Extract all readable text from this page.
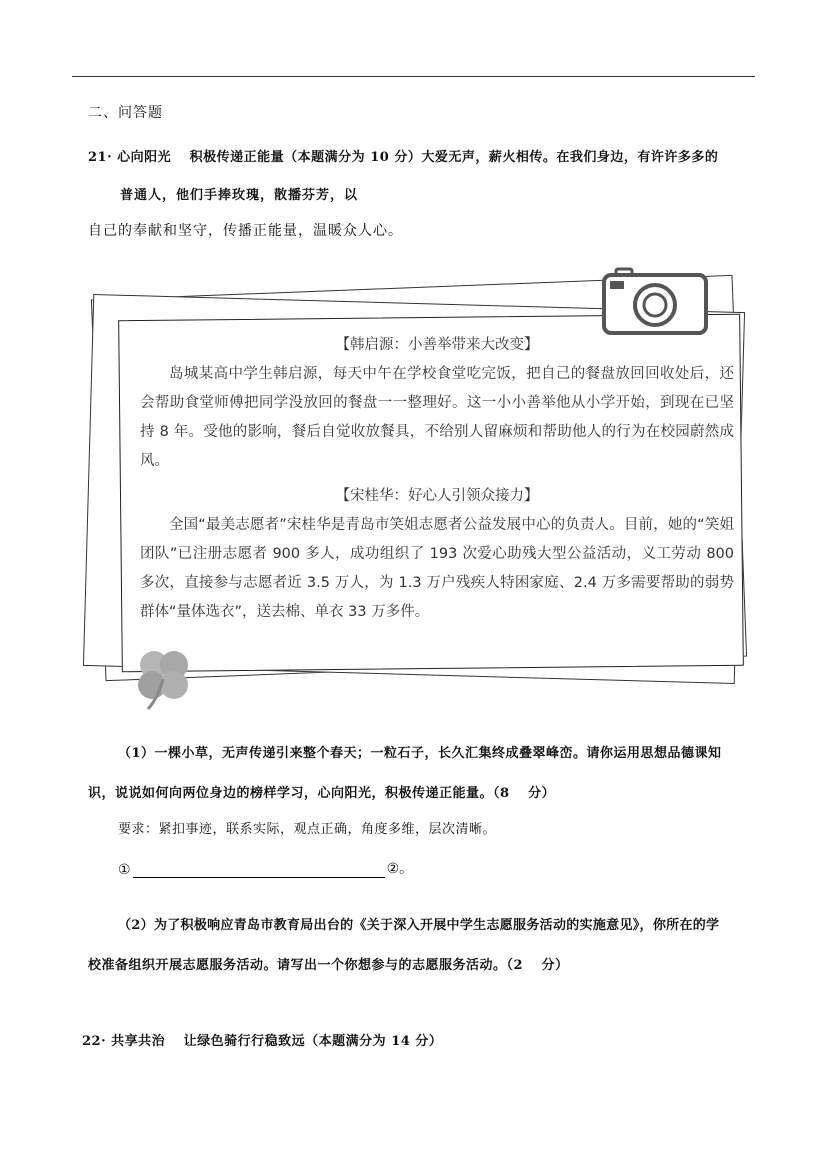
二、问答题
21· 心向阳光　 积极传递正能量（本题满分为 10 分）大爱无声，薪火相传。在我们身边，有许许多多的
普通人，他们手捧玫瑰，散播芬芳，以
自己的奉献和坚守，传播正能量，温暖众人心。
【韩启源：小善举带来大改变】

岛城某高中学生韩启源，每天中午在学校食堂吃完饭，把自己的餐盘放回回收处后，还会帮助食堂师傅把同学没放回的餐盘一一整理好。这一小小善举他从小学开始，到现在已坚持 8 年。受他的影响，餐后自觉收放餐具，不给别人留麻烦和帮助他人的行为在校园蔚然成风。

【宋桂华：好心人引领众接力】

全国“最美志愿者”宋桂华是青岛市笑姐志愿者公益发展中心的负责人。目前，她的“笑姐团队”已注册志愿者 900 多人，成功组织了 193 次爱心助残大型公益活动，义工劳动 800 多次，直接参与志愿者近 3.5 万人，为 1.3 万户残疾人特困家庭、2.4 万多需要帮助的弱势群体“量体选衣”，送去棉、单衣 33 万多件。

（1）一棵小草，无声传递引来整个春天；一粒石子，长久汇集终成叠翠峰峦。请你运用思想品德课知
识，说说如何向两位身边的榜样学习，心向阳光，积极传递正能量。（8　 分）
要求：紧扣事迹，联系实际，观点正确，角度多维，层次清晰。
①	②。
（2）为了积极响应青岛市教育局出台的《关于深入开展中学生志愿服务活动的实施意见》，你所在的学
校准备组织开展志愿服务活动。请写出一个你想参与的志愿服务活动。（2　 分）
22· 共享共治　 让绿色骑行行稳致远（本题满分为 14 分）
